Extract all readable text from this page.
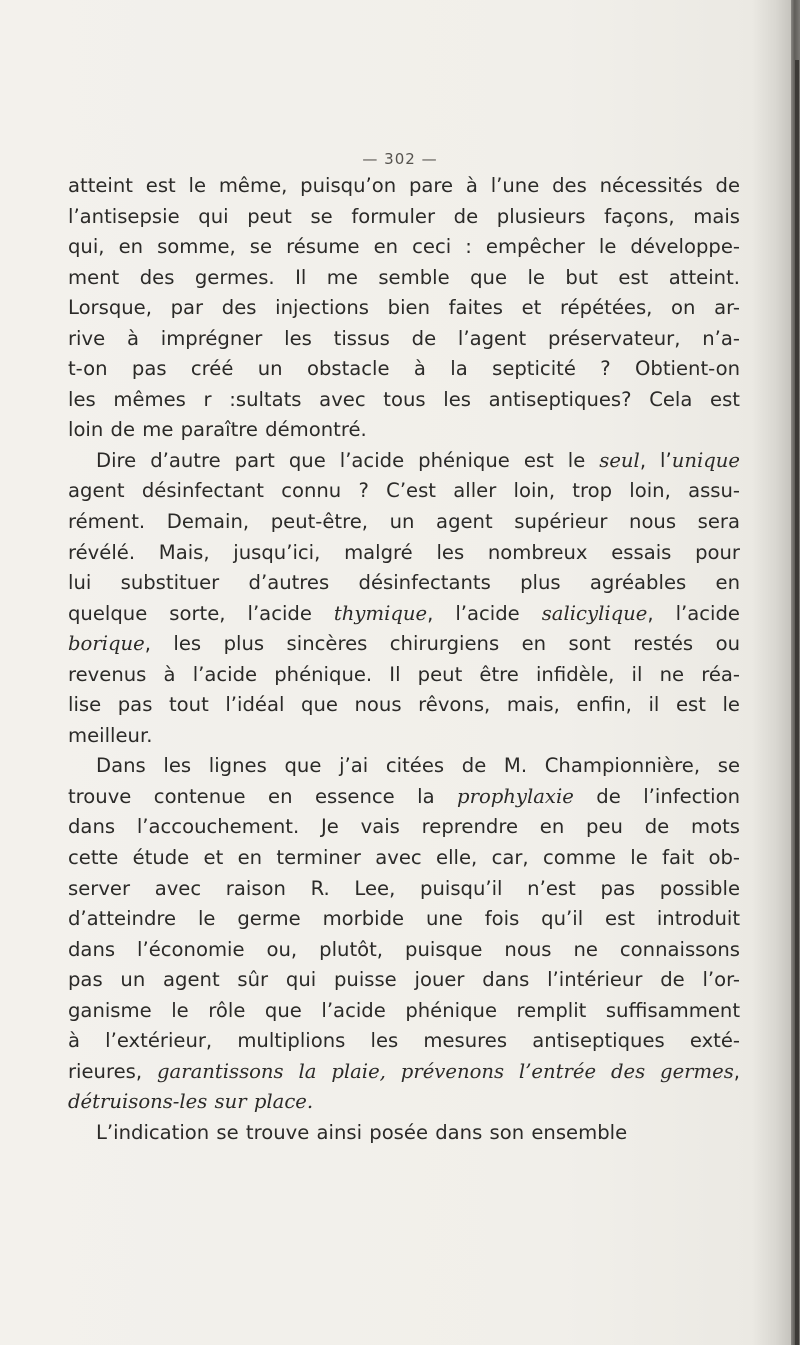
— 302 —
atteint est le même, puisqu’on pare à l’une des nécessités de
l’antisepsie qui peut se formuler de plusieurs façons, mais
qui, en somme, se résume en ceci : empêcher le développe-
ment des germes. Il me semble que le but est atteint.
Lorsque, par des injections bien faites et répétées, on ar-
rive à imprégner les tissus de l’agent préservateur, n’a-
t-on pas créé un obstacle à la septicité ? Obtient-on
les mêmes r :sultats avec tous les antiseptiques? Cela est
loin de me paraître démontré.
Dire d’autre part que l’acide phénique est le seul, l’unique
agent désinfectant connu ? C’est aller loin, trop loin, assu-
rément. Demain, peut-être, un agent supérieur nous sera
révélé. Mais, jusqu’ici, malgré les nombreux essais pour
lui substituer d’autres désinfectants plus agréables en
quelque sorte, l’acide thymique, l’acide salicylique, l’acide
borique, les plus sincères chirurgiens en sont restés ou
revenus à l’acide phénique. Il peut être infidèle, il ne réa-
lise pas tout l’idéal que nous rêvons, mais, enfin, il est le
meilleur.
Dans les lignes que j’ai citées de M. Championnière, se
trouve contenue en essence la prophylaxie de l’infection
dans l’accouchement. Je vais reprendre en peu de mots
cette étude et en terminer avec elle, car, comme le fait ob-
server avec raison R. Lee, puisqu’il n’est pas possible
d’atteindre le germe morbide une fois qu’il est introduit
dans l’économie ou, plutôt, puisque nous ne connaissons
pas un agent sûr qui puisse jouer dans l’intérieur de l’or-
ganisme le rôle que l’acide phénique remplit suffisamment
à l’extérieur, multiplions les mesures antiseptiques exté-
rieures, garantissons la plaie, prévenons l’entrée des germes,
détruisons-les sur place.
L’indication se trouve ainsi posée dans son ensemble
